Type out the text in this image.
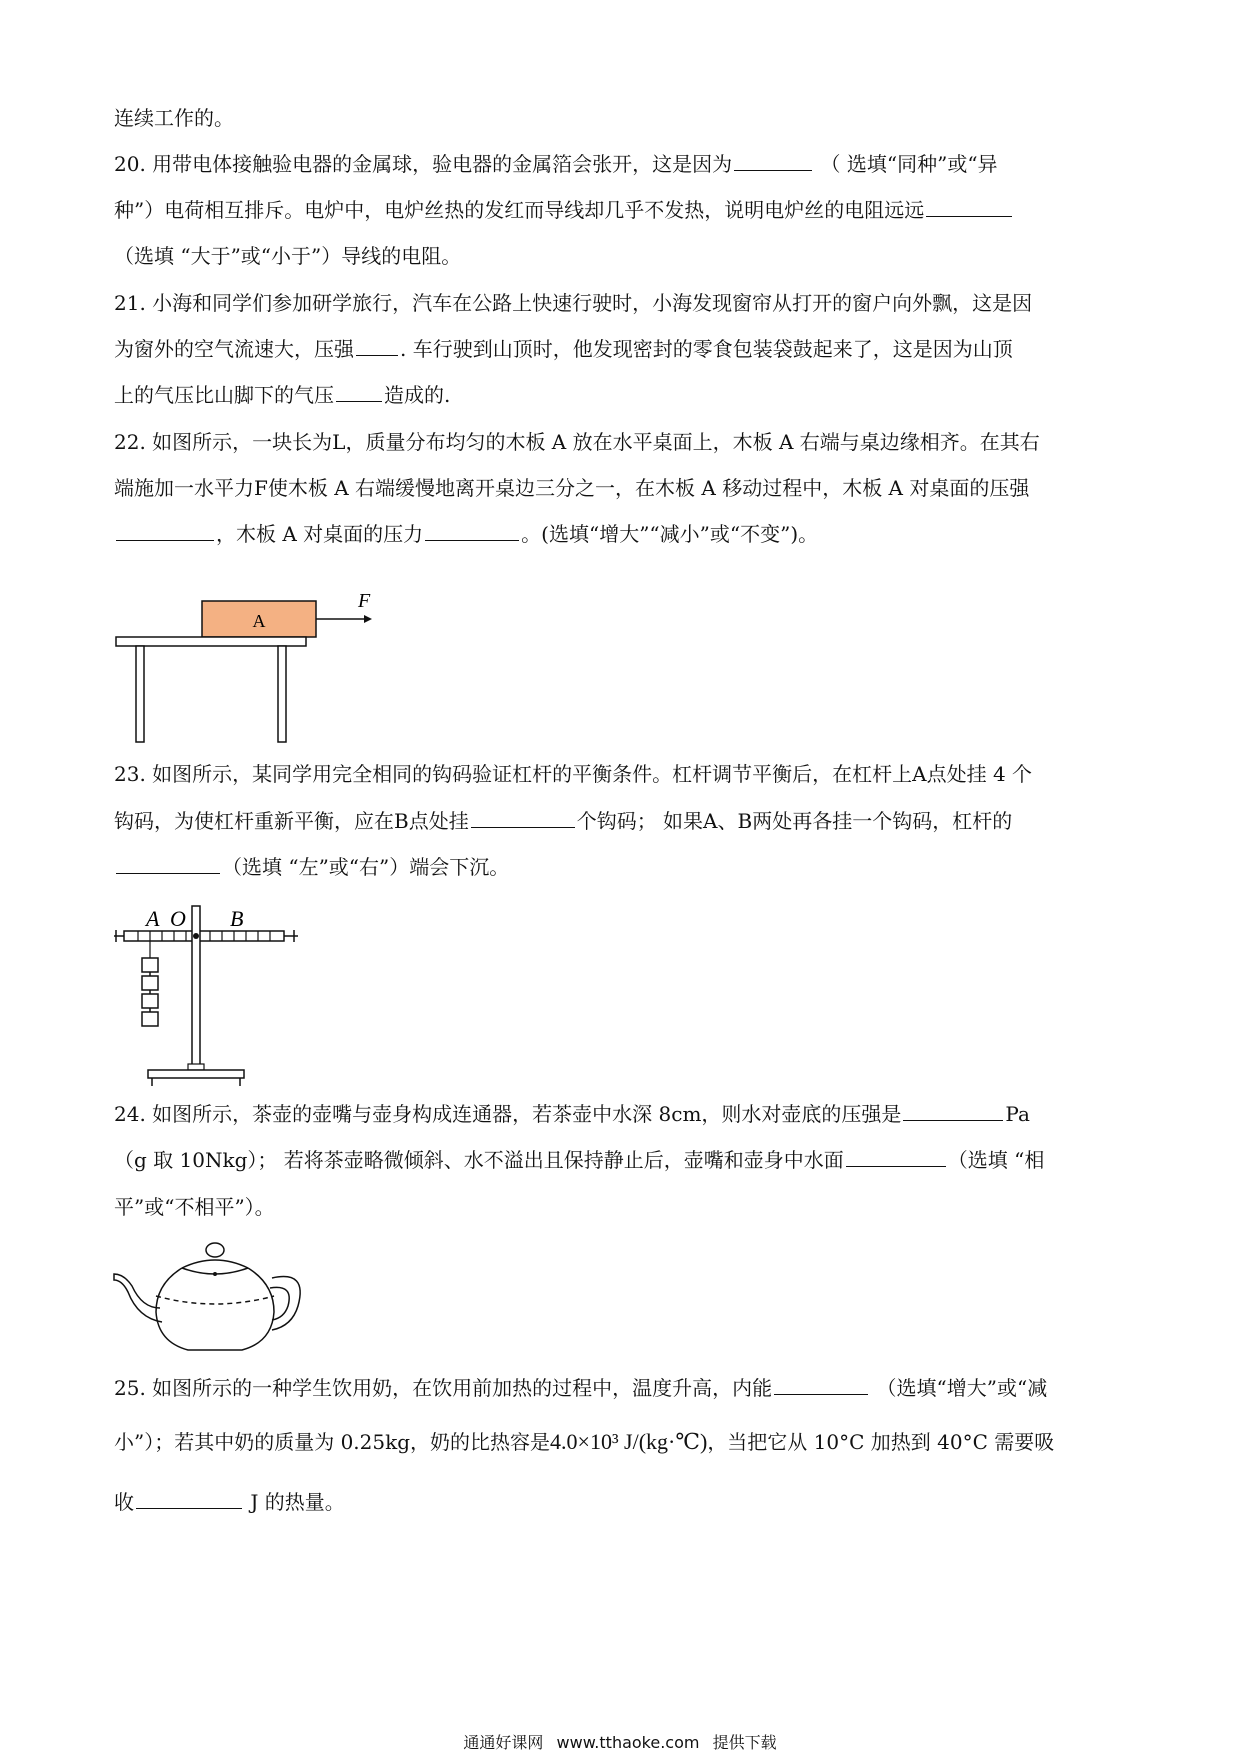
连续工作的。
20. 用带电体接触验电器的金属球，验电器的金属箔会张开，这是因为	（ 选填“同种”或“异
种”）电荷相互排斥。电炉中，电炉丝热的发红而导线却几乎不发热，说明电炉丝的电阻远远
（选填 “大于”或“小于”）导线的电阻。
21. 小海和同学们参加研学旅行，汽车在公路上快速行驶时，小海发现窗帘从打开的窗户向外飘，这是因
为窗外的空气流速大，压强 . 车行驶到山顶时，他发现密封的零食包装袋鼓起来了，这是因为山顶
上的气压比山脚下的气压	造成的.
22. 如图所示，一块长为L，质量分布均匀的木板 A 放在水平桌面上，木板 A 右端与桌边缘相齐。在其右
端施加一水平力F使木板 A 右端缓慢地离开桌边三分之一，在木板 A 移动过程中，木板 A 对桌面的压强
，木板 A 对桌面的压力	。(选填“增大”“减小”或“不变”)。
A
F
23. 如图所示，某同学用完全相同的钩码验证杠杆的平衡条件。杠杆调节平衡后，在杠杆上A点处挂 4 个
钩码，为使杠杆重新平衡，应在B点处挂	个钩码； 如果A、B两处再各挂一个钩码，杠杆的
（选填 “左”或“右”）端会下沉。
A O B
24. 如图所示，茶壶的壶嘴与壶身构成连通器，若茶壶中水深 8cm，则水对壶底的压强是	Pa
（g 取 10Nkg）； 若将茶壶略微倾斜、水不溢出且保持静止后，壶嘴和壶身中水面	（选填 “相
平”或“不相平”）。
25. 如图所示的一种学生饮用奶，在饮用前加热的过程中，温度升高，内能	（选填“增大”或“减
小”）；若其中奶的质量为 0.25kg，奶的比热容是4.0×10³ J/(kg·℃)，当把它从 10°C 加热到 40°C 需要吸
收	J 的热量。
通通好课网 www.tthaoke.com 提供下载
